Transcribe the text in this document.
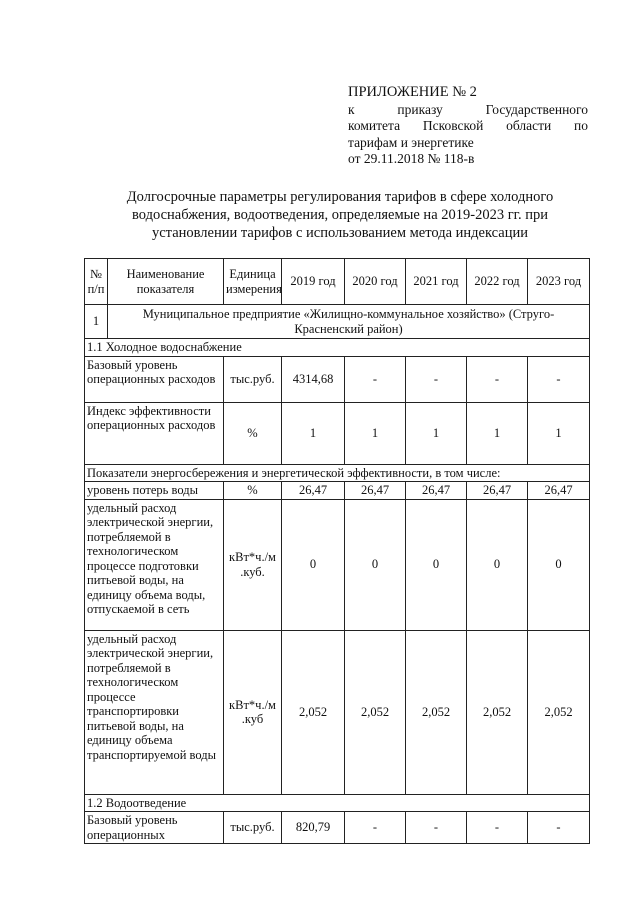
ПРИЛОЖЕНИЕ № 2
к	приказу	Государственного
комитета Псковской области по
тарифам и энергетике
от 29.11.2018 № 118-в
Долгосрочные параметры регулирования тарифов в сфере холодного
водоснабжения, водоотведения, определяемые на 2019-2023 гг. при
установлении тарифов с использованием метода индексации
№ п/п	Наименование показателя	Единица измерения	2019 год	2020 год	2021 год	2022 год	2023 год
1	Муниципальное предприятие «Жилищно-коммунальное хозяйство» (Струго-Красненский район)						
1.1 Холодное водоснабжение							
Базовый уровень операционных расходов		тыс.руб.	4314,68	-	-	-	-
Индекс эффективности операционных расходов		%	1	1	1	1	1
Показатели энергосбережения и энергетической эффективности, в том числе:							
уровень потерь воды		%	26,47	26,47	26,47	26,47	26,47
удельный расход электрической энергии, потребляемой в технологическом процессе подготовки питьевой воды, на единицу объема воды, отпускаемой в сеть		кВт*ч./м .куб.	0	0	0	0	0
удельный расход электрической энергии, потребляемой в технологическом процессе транспортировки питьевой воды, на единицу объема транспортируемой воды		кВт*ч./м .куб	2,052	2,052	2,052	2,052	2,052
1.2 Водоотведение							
Базовый уровень операционных		тыс.руб.	820,79	-	-	-	-
